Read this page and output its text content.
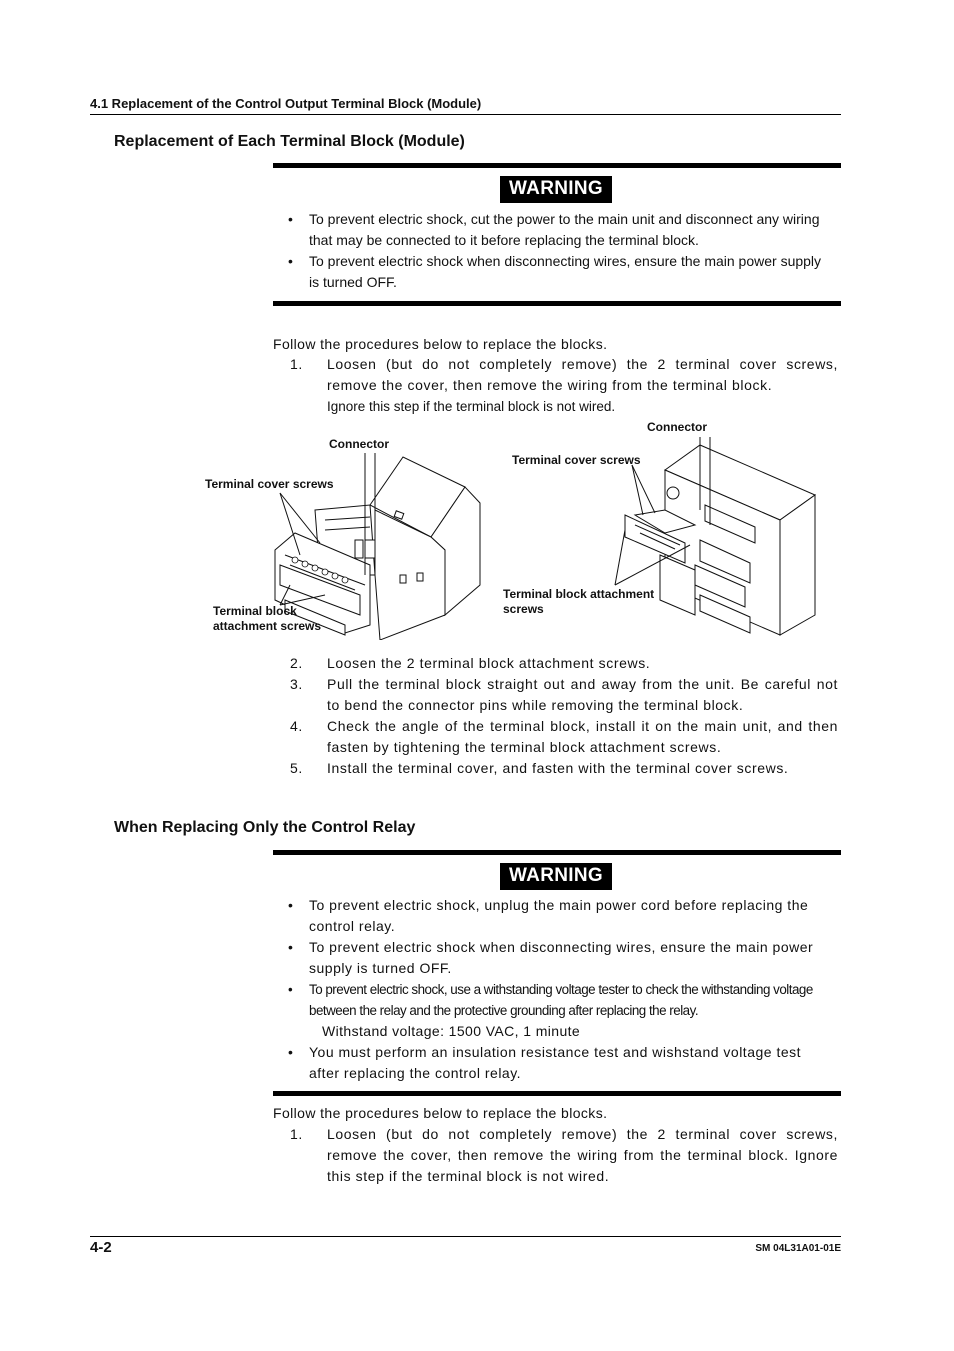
4.1 Replacement of the Control Output Terminal Block (Module)
Replacement of Each Terminal Block (Module)
WARNING
• To prevent electric shock, cut the power to the main unit and disconnect any wiring that may be connected to it before replacing the terminal block.
• To prevent electric shock when disconnecting wires, ensure the main power supply is turned OFF.
Follow the procedures below to replace the blocks.
1. Loosen (but do not completely remove) the 2 terminal cover screws, remove the cover, then remove the wiring from the terminal block.
Ignore this step if the terminal block is not wired.
Connector
Terminal cover screws
Terminal block attachment screws
Connector
Terminal cover screws
Terminal block attachment screws
2. Loosen the 2 terminal block attachment screws.
3. Pull the terminal block straight out and away from the unit. Be careful not to bend the connector pins while removing the terminal block.
4. Check the angle of the terminal block, install it on the main unit, and then fasten by tightening the terminal block attachment screws.
5. Install the terminal cover, and fasten with the terminal cover screws.
When Replacing Only the Control Relay
WARNING
• To prevent electric shock, unplug the main power cord before replacing the control relay.
• To prevent electric shock when disconnecting wires, ensure the main power supply is turned OFF.
• To prevent electric shock, use a withstanding voltage tester to check the withstanding voltage between the relay and the protective grounding after replacing the relay.
Withstand voltage: 1500 VAC, 1 minute
• You must perform an insulation resistance test and wishstand voltage test after replacing the control relay.
Follow the procedures below to replace the blocks.
1. Loosen (but do not completely remove) the 2 terminal cover screws, remove the cover, then remove the wiring from the terminal block. Ignore this step if the terminal block is not wired.
4-2	SM 04L31A01-01E
